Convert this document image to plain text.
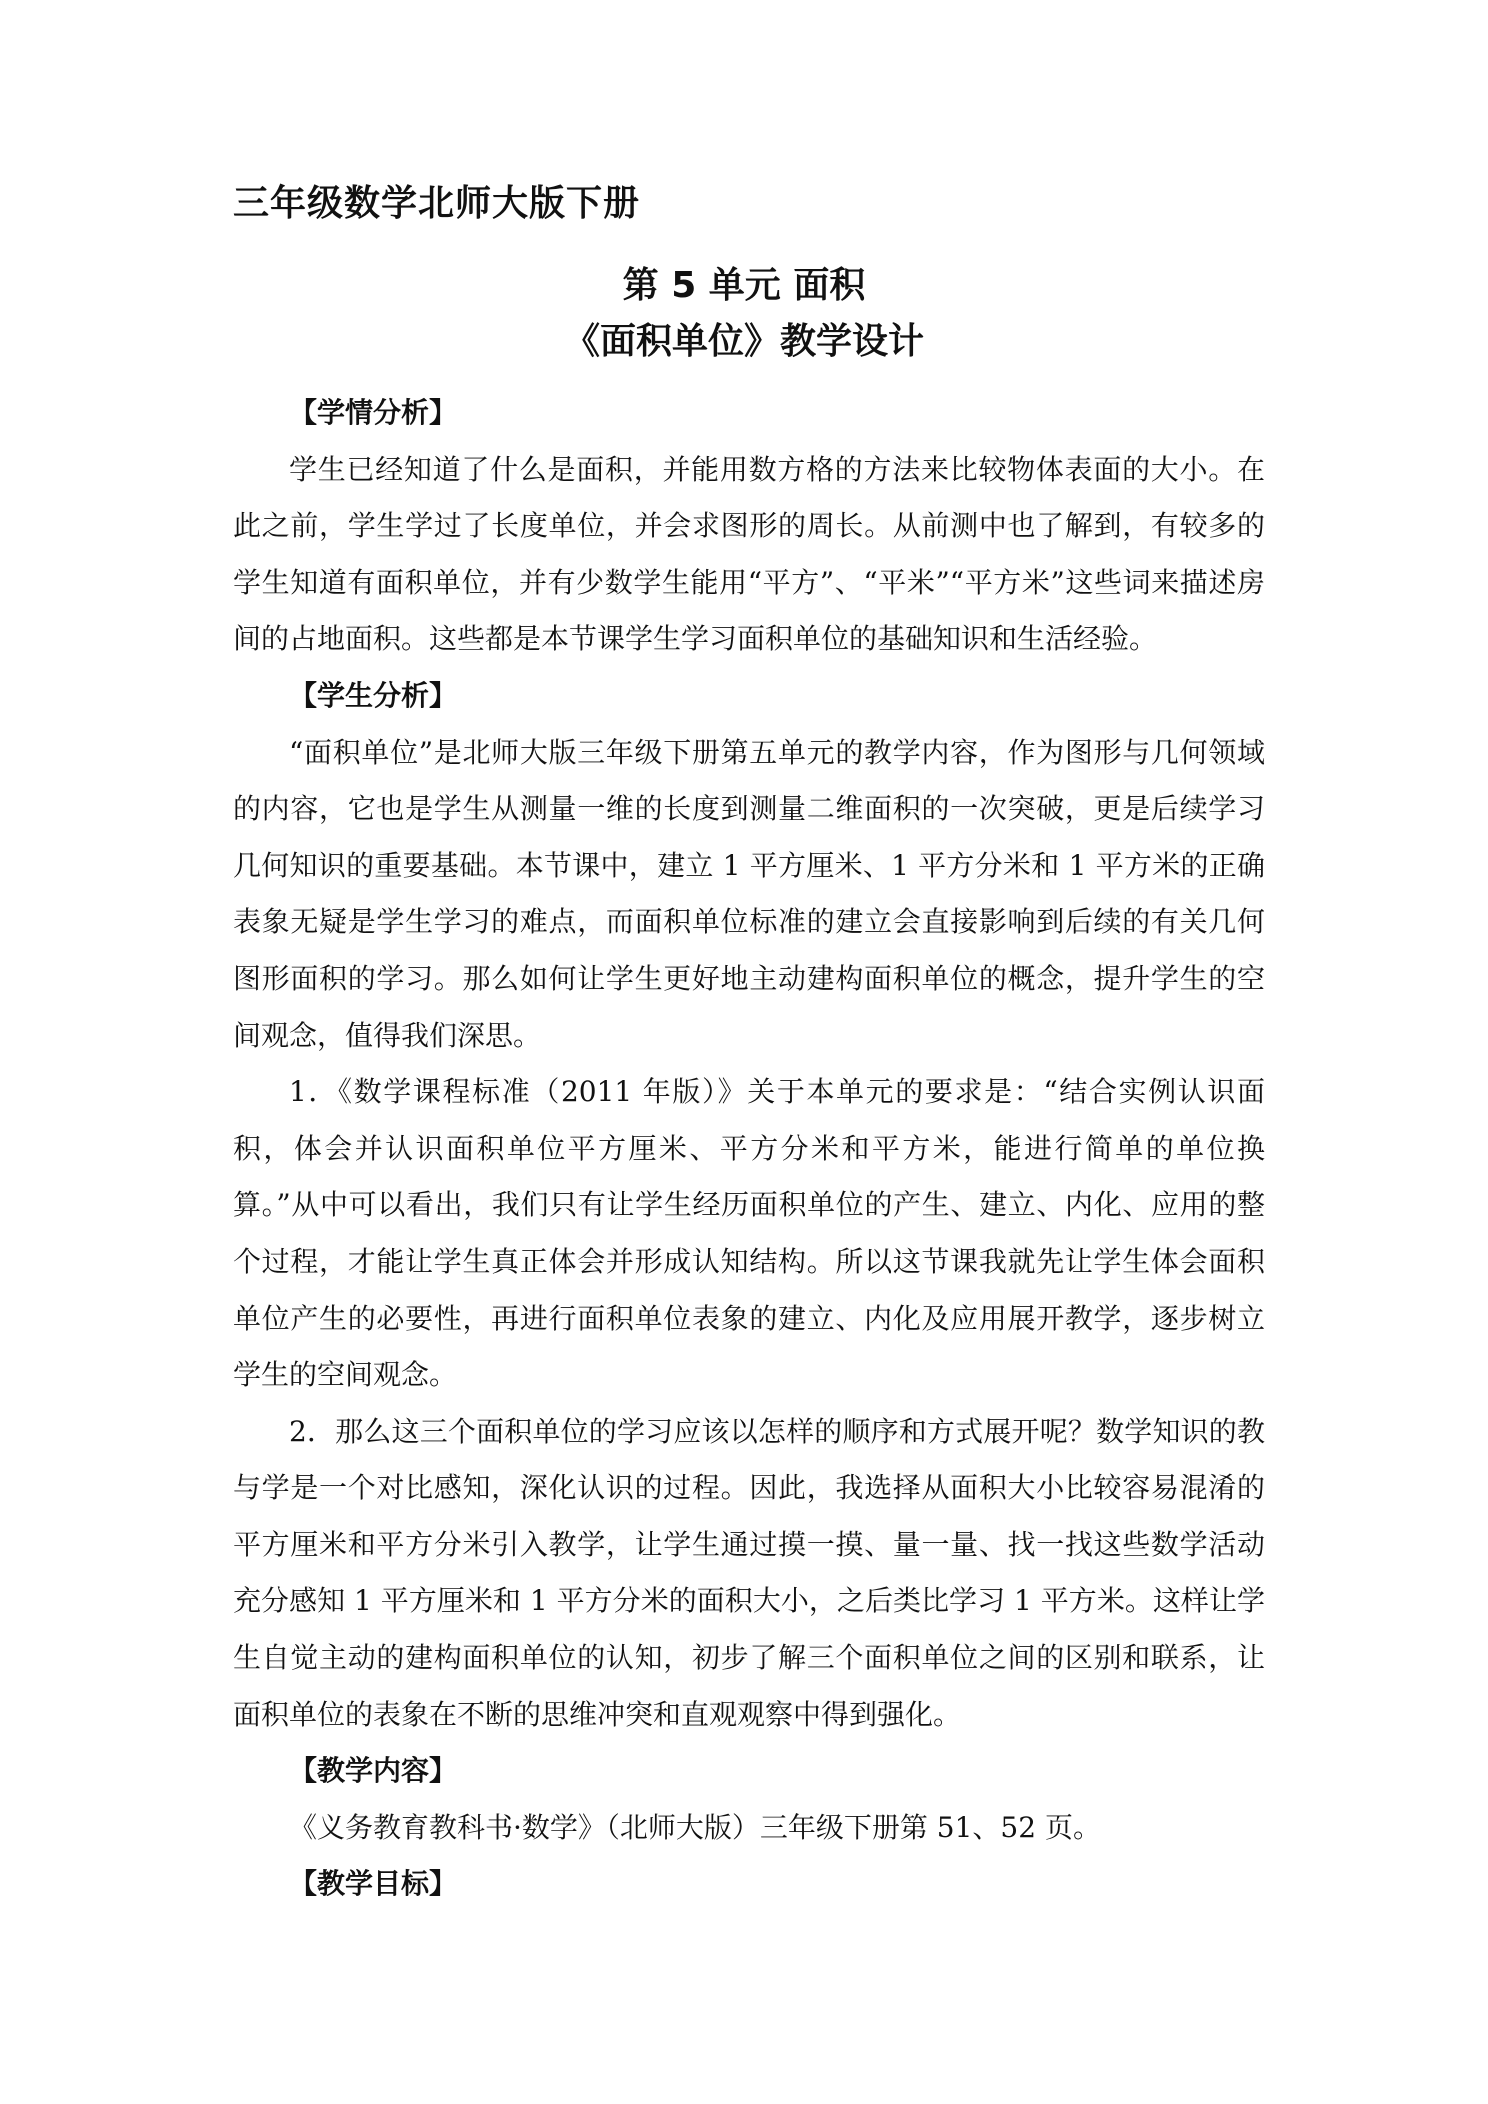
三年级数学北师大版下册
第 5 单元 面积
《面积单位》教学设计
【学情分析】

学生已经知道了什么是面积，并能用数方格的方法来比较物体表面的大小。在此之前，学生学过了长度单位，并会求图形的周长。从前测中也了解到，有较多的学生知道有面积单位，并有少数学生能用“平方”、“平米”“平方米”这些词来描述房间的占地面积。这些都是本节课学生学习面积单位的基础知识和生活经验。

【学生分析】

“面积单位”是北师大版三年级下册第五单元的教学内容，作为图形与几何领域的内容，它也是学生从测量一维的长度到测量二维面积的一次突破，更是后续学习几何知识的重要基础。本节课中，建立 1 平方厘米、1 平方分米和 1 平方米的正确表象无疑是学生学习的难点，而面积单位标准的建立会直接影响到后续的有关几何图形面积的学习。那么如何让学生更好地主动建构面积单位的概念，提升学生的空间观念，值得我们深思。

1．《数学课程标准（2011 年版）》关于本单元的要求是：“结合实例认识面积，体会并认识面积单位平方厘米、平方分米和平方米，能进行简单的单位换算。”从中可以看出，我们只有让学生经历面积单位的产生、建立、内化、应用的整个过程，才能让学生真正体会并形成认知结构。所以这节课我就先让学生体会面积单位产生的必要性，再进行面积单位表象的建立、内化及应用展开教学，逐步树立学生的空间观念。

2．那么这三个面积单位的学习应该以怎样的顺序和方式展开呢？数学知识的教与学是一个对比感知，深化认识的过程。因此，我选择从面积大小比较容易混淆的平方厘米和平方分米引入教学，让学生通过摸一摸、量一量、找一找这些数学活动充分感知 1 平方厘米和 1 平方分米的面积大小，之后类比学习 1 平方米。这样让学生自觉主动的建构面积单位的认知，初步了解三个面积单位之间的区别和联系，让面积单位的表象在不断的思维冲突和直观观察中得到强化。

【教学内容】

《义务教育教科书·数学》（北师大版）三年级下册第 51、52 页。

【教学目标】
